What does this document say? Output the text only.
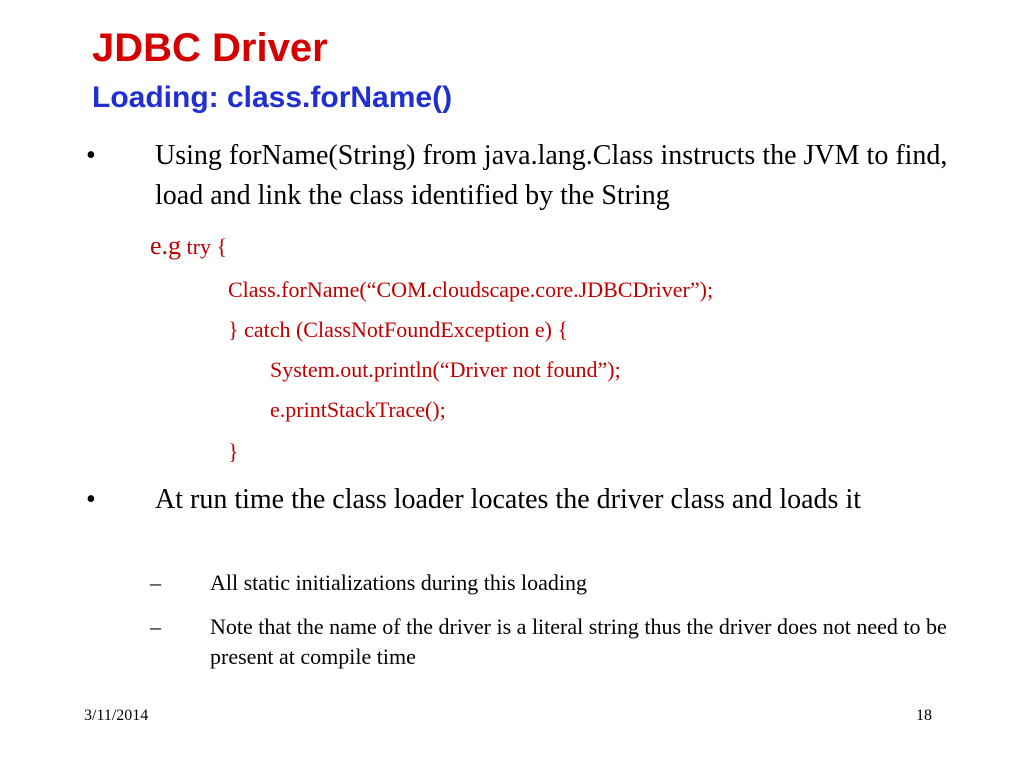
JDBC Driver
Loading: class.forName()
• Using forName(String) from java.lang.Class instructs the JVM to find, load and link the class identified by the String
e.g try {
Class.forName(“COM.cloudscape.core.JDBCDriver”);
} catch (ClassNotFoundException e) {
System.out.println(“Driver not found”);
e.printStackTrace();
}
• At run time the class loader locates the driver class and loads it
– All static initializations during this loading
– Note that the name of the driver is a literal string thus the driver does not need to be present at compile time
3/11/2014	18
